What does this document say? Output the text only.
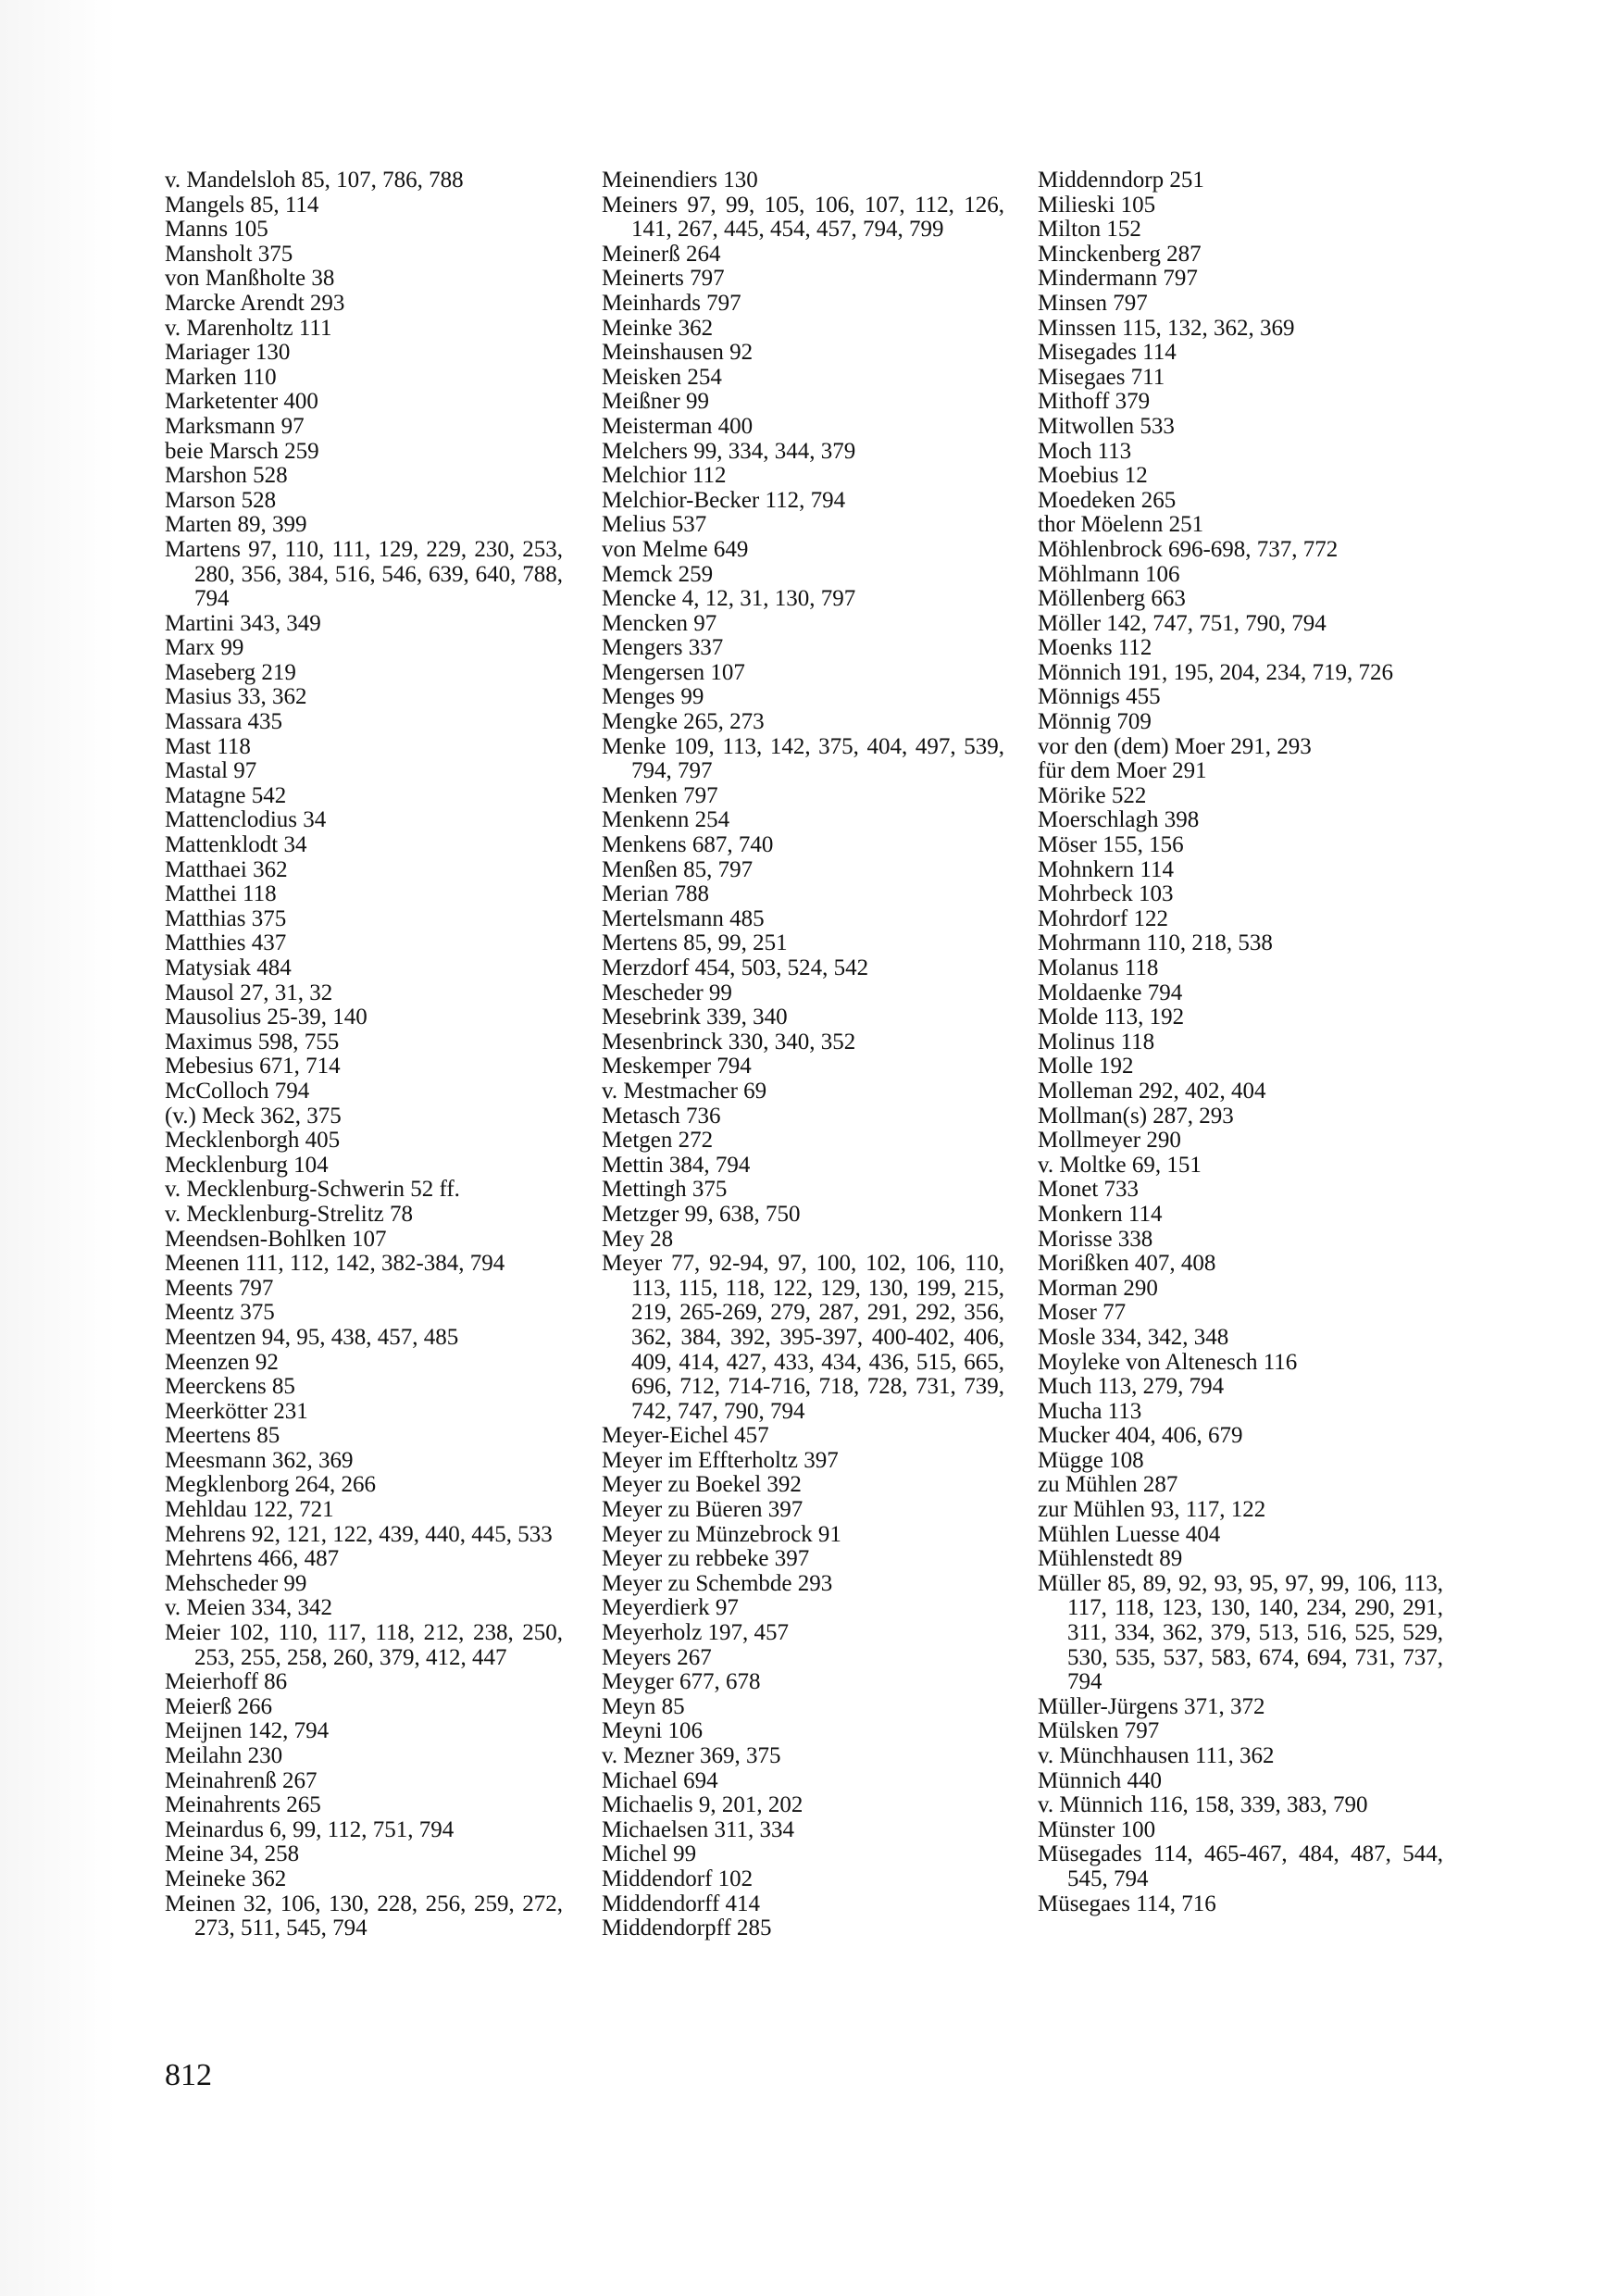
v. Mandelsloh 85, 107, 786, 788
Mangels 85, 114
Manns 105
Mansholt 375
von Manßholte 38
Marcke Arendt 293
v. Marenholtz 111
Mariager 130
Marken 110
Marketenter 400
Marksmann 97
beie Marsch 259
Marshon 528
Marson 528
Marten 89, 399
Martens 97, 110, 111, 129, 229, 230, 253, 280, 356, 384, 516, 546, 639, 640, 788, 794
Martini 343, 349
Marx 99
Maseberg 219
Masius 33, 362
Massara 435
Mast 118
Mastal 97
Matagne 542
Mattenclodius 34
Mattenklodt 34
Matthaei 362
Matthei 118
Matthias 375
Matthies 437
Matysiak 484
Mausol 27, 31, 32
Mausolius 25-39, 140
Maximus 598, 755
Mebesius 671, 714
McColloch 794
(v.) Meck 362, 375
Mecklenborgh 405
Mecklenburg 104
v. Mecklenburg-Schwerin 52 ff.
v. Mecklenburg-Strelitz 78
Meendsen-Bohlken 107
Meenen 111, 112, 142, 382-384, 794
Meents 797
Meentz 375
Meentzen 94, 95, 438, 457, 485
Meenzen 92
Meerckens 85
Meerkötter 231
Meertens 85
Meesmann 362, 369
Megklenborg 264, 266
Mehldau 122, 721
Mehrens 92, 121, 122, 439, 440, 445, 533
Mehrtens 466, 487
Mehscheder 99
v. Meien 334, 342
Meier 102, 110, 117, 118, 212, 238, 250, 253, 255, 258, 260, 379, 412, 447
Meierhoff 86
Meierß 266
Meijnen 142, 794
Meilahn 230
Meinahrenß 267
Meinahrents 265
Meinardus 6, 99, 112, 751, 794
Meine 34, 258
Meineke 362
Meinen 32, 106, 130, 228, 256, 259, 272, 273, 511, 545, 794
Meinendiers 130
Meiners 97, 99, 105, 106, 107, 112, 126, 141, 267, 445, 454, 457, 794, 799
Meinerß 264
Meinerts 797
Meinhards 797
Meinke 362
Meinshausen 92
Meisken 254
Meißner 99
Meisterman 400
Melchers 99, 334, 344, 379
Melchior 112
Melchior-Becker 112, 794
Melius 537
von Melme 649
Memck 259
Mencke 4, 12, 31, 130, 797
Mencken 97
Mengers 337
Mengersen 107
Menges 99
Mengke 265, 273
Menke 109, 113, 142, 375, 404, 497, 539, 794, 797
Menken 797
Menkenn 254
Menkens 687, 740
Menßen 85, 797
Merian 788
Mertelsmann 485
Mertens 85, 99, 251
Merzdorf 454, 503, 524, 542
Mescheder 99
Mesebrink 339, 340
Mesenbrinck 330, 340, 352
Meskemper 794
v. Mestmacher 69
Metasch 736
Metgen 272
Mettin 384, 794
Mettingh 375
Metzger 99, 638, 750
Mey 28
Meyer 77, 92-94, 97, 100, 102, 106, 110, 113, 115, 118, 122, 129, 130, 199, 215, 219, 265-269, 279, 287, 291, 292, 356, 362, 384, 392, 395-397, 400-402, 406, 409, 414, 427, 433, 434, 436, 515, 665, 696, 712, 714-716, 718, 728, 731, 739, 742, 747, 790, 794
Meyer-Eichel 457
Meyer im Effterholtz 397
Meyer zu Boekel 392
Meyer zu Büeren 397
Meyer zu Münzebrock 91
Meyer zu rebbeke 397
Meyer zu Schembde 293
Meyerdierk 97
Meyerholz 197, 457
Meyers 267
Meyger 677, 678
Meyn 85
Meyni 106
v. Mezner 369, 375
Michael 694
Michaelis 9, 201, 202
Michaelsen 311, 334
Michel 99
Middendorf 102
Middendorff 414
Middendorpff 285
Middenndorp 251
Milieski 105
Milton 152
Minckenberg 287
Mindermann 797
Minsen 797
Minssen 115, 132, 362, 369
Misegades 114
Misegaes 711
Mithoff 379
Mitwollen 533
Moch 113
Moebius 12
Moedeken 265
thor Möelenn 251
Möhlenbrock 696-698, 737, 772
Möhlmann 106
Möllenberg 663
Möller 142, 747, 751, 790, 794
Moenks 112
Mönnich 191, 195, 204, 234, 719, 726
Mönnigs 455
Mönnig 709
vor den (dem) Moer 291, 293
für dem Moer 291
Mörike 522
Moerschlagh 398
Möser 155, 156
Mohnkern 114
Mohrbeck 103
Mohrdorf 122
Mohrmann 110, 218, 538
Molanus 118
Moldaenke 794
Molde 113, 192
Molinus 118
Molle 192
Molleman 292, 402, 404
Mollman(s) 287, 293
Mollmeyer 290
v. Moltke 69, 151
Monet 733
Monkern 114
Morisse 338
Morißken 407, 408
Morman 290
Moser 77
Mosle 334, 342, 348
Moyleke von Altenesch 116
Much 113, 279, 794
Mucha 113
Mucker 404, 406, 679
Mügge 108
zu Mühlen 287
zur Mühlen 93, 117, 122
Mühlen Luesse 404
Mühlenstedt 89
Müller 85, 89, 92, 93, 95, 97, 99, 106, 113, 117, 118, 123, 130, 140, 234, 290, 291, 311, 334, 362, 379, 513, 516, 525, 529, 530, 535, 537, 583, 674, 694, 731, 737, 794
Müller-Jürgens 371, 372
Mülsken 797
v. Münchhausen 111, 362
Münnich 440
v. Münnich 116, 158, 339, 383, 790
Münster 100
Müsegades 114, 465-467, 484, 487, 544, 545, 794
Müsegaes 114, 716
812
